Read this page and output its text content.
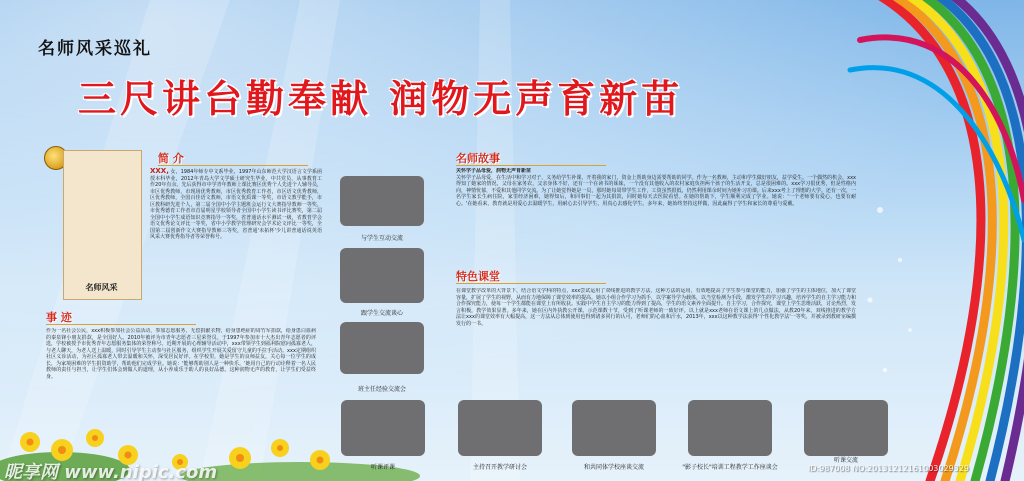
名师风采巡礼
三尺讲台勤奉献 润物无声育新苗
名师风采
简 介
XXX, 女，1984年师专中文系毕业，1997年山东师范大学汉语言文学系函授本科毕业，2012年青岛大学文学硕士研究生毕业，中共党员，从事教育工作20年有余。先后获得市中学青年教师上课比赛区优秀个人先进个人辅导员，市区优秀教师，市现场优秀教师，市区优秀教育工作者，市区语文优秀教师，区优秀教师，全国百佳语文教师，市语文优质课一等奖，市语文教学能手，市区教科研先进个人，第二届全国中小学主题班会运行文大赛指导教师一等奖，市优秀德育工作者市首届明星学校领导者全国中小学生读书评比赛奖，第二届全国中小学生成语知识竞赛指导一等奖，省普通话水平测试一级，省教育学会语文优秀论文评比一等奖，省中小学教学管理研究会学术论文评比一等奖，全国第二届创新作文大赛指导教师三等奖，省普通'未拓杯'少儿讲普通话说英语风采大赛优秀指导者等荣誉称号。
事 迹
作为一名社会公民，xxx积极参加社会公益活动，参加志愿服务，无偿捐献衣物，给身患绝症的周竹军捐款，给身患白血病的秦泉锋小朋友捐款，是全国好人。2010年被评为市青年志愿者三星荣誉员。于1997年参加市十大杰出青年志愿者的评选，学校被授予市优秀青年志愿服务集体的荣誉称号。近期开展的心理辅导活动中，xxx带领学生到福利院慰问孤寡老人，与老人聊天，为老人送上温暖，同时引导学生主动参与社区服务，组织学生开展关爱留守儿童的手拉手活动。xxx定期组织社区义诊活动，为社区孤寡老人带去温暖和关怀，深受居民好评。在学校里，她是学生的良师益友，关心每一位学生的成长，为家境困难的学生捐资助学，帮助他们完成学业。她说：'能够帮助别人是一种快乐。'她用自己的行动诠释着一名人民教师的责任与担当，让学生们体会到做人的道理，从小养成乐于助人的良好品德。这种润物无声的教育，让学生们受益终身。
与学生互动交流
跟学生交流谈心
班主任经验交流会
名师故事
关怀学子品母爱，润物无声育新苗
关怀学子品母爱，在生活中和学习对子，义务给学生补课，开着我的家门，资金上帮助身边需要帮助的同学。作为一名教师，主动和学生做好朋友，益学爱生。一个偶然的机会，xxx得知了她家的情况，父母在家务农，父亲身体不好，还有一个在读书的妹妹，一个没有其他收入的农村家庭负担两个孩子的生活开支，总是很困难的。xxx学习很优秀，但是性格内向，神情忧郁，不爱和其他同学交流。为了让她觉得她是一员，那时她每周带学生工作，工资虽然很低，仍然利用课余时间为她补习功课。后来xxx考上了理想的大学。还有一次，一名学生家长生病住院，家里经济困难，她得知后，和同事们一起为其捐款，同时她每天去医院看望。在她的帮助下，学生顺利完成了学业。她说：'一个老师要有爱心，也要有耐心。'在她看来，教育就是用爱心去温暖学生，用耐心去引导学生，用真心去感化学生。多年来，她始终坚持这样做，因此赢得了学生和家长的尊重与爱戴。
特色课堂
在课堂教学改革的大背景下，结合语文学科的特点，xxx尝试运用了双线推进的教学方法，这种方法的运用，有效地提高了学生参与课堂的能力，加强了学生的主体地位，加大了课堂容量，扩展了学生的视野，从而有力地保障了课堂效率的提高。她以小组合作学习为抓手，以学案导学为载体，以当堂检测为手段，激发学生的学习兴趣，培养学生的自主学习能力和合作探究能力，使每一个学生都能在课堂上有所收获。实践中学生自主学习的能力得到了提高，学生的语文素养全面提升。自主学习，合作探究，课堂上学生思维活跃，讨论热烈，发言积极，教学效果显著。多年来，她在区内外执教公开课、示范课数十节，受到了听课老师的一致好评。以上就是xxx老师在语文课上的几点做法，从教20年来，双线推进的教学方法让xxx的课堂效率有大幅提高，这一方法从总体到使用也得到诸多同行的认可，老师们的心血和汗水，2013年，xxx以这种教学法获得'个性化教学法'一等奖，并被录到教研室编撰发行的一书。
听课评课	主持召开教学研讨会	和共同体学校座谈交流	"影子校长"培训工程教学工作座谈会
听课交流
昵享网 www.nipic.com	ID:987008 NO:20131212161003029329
